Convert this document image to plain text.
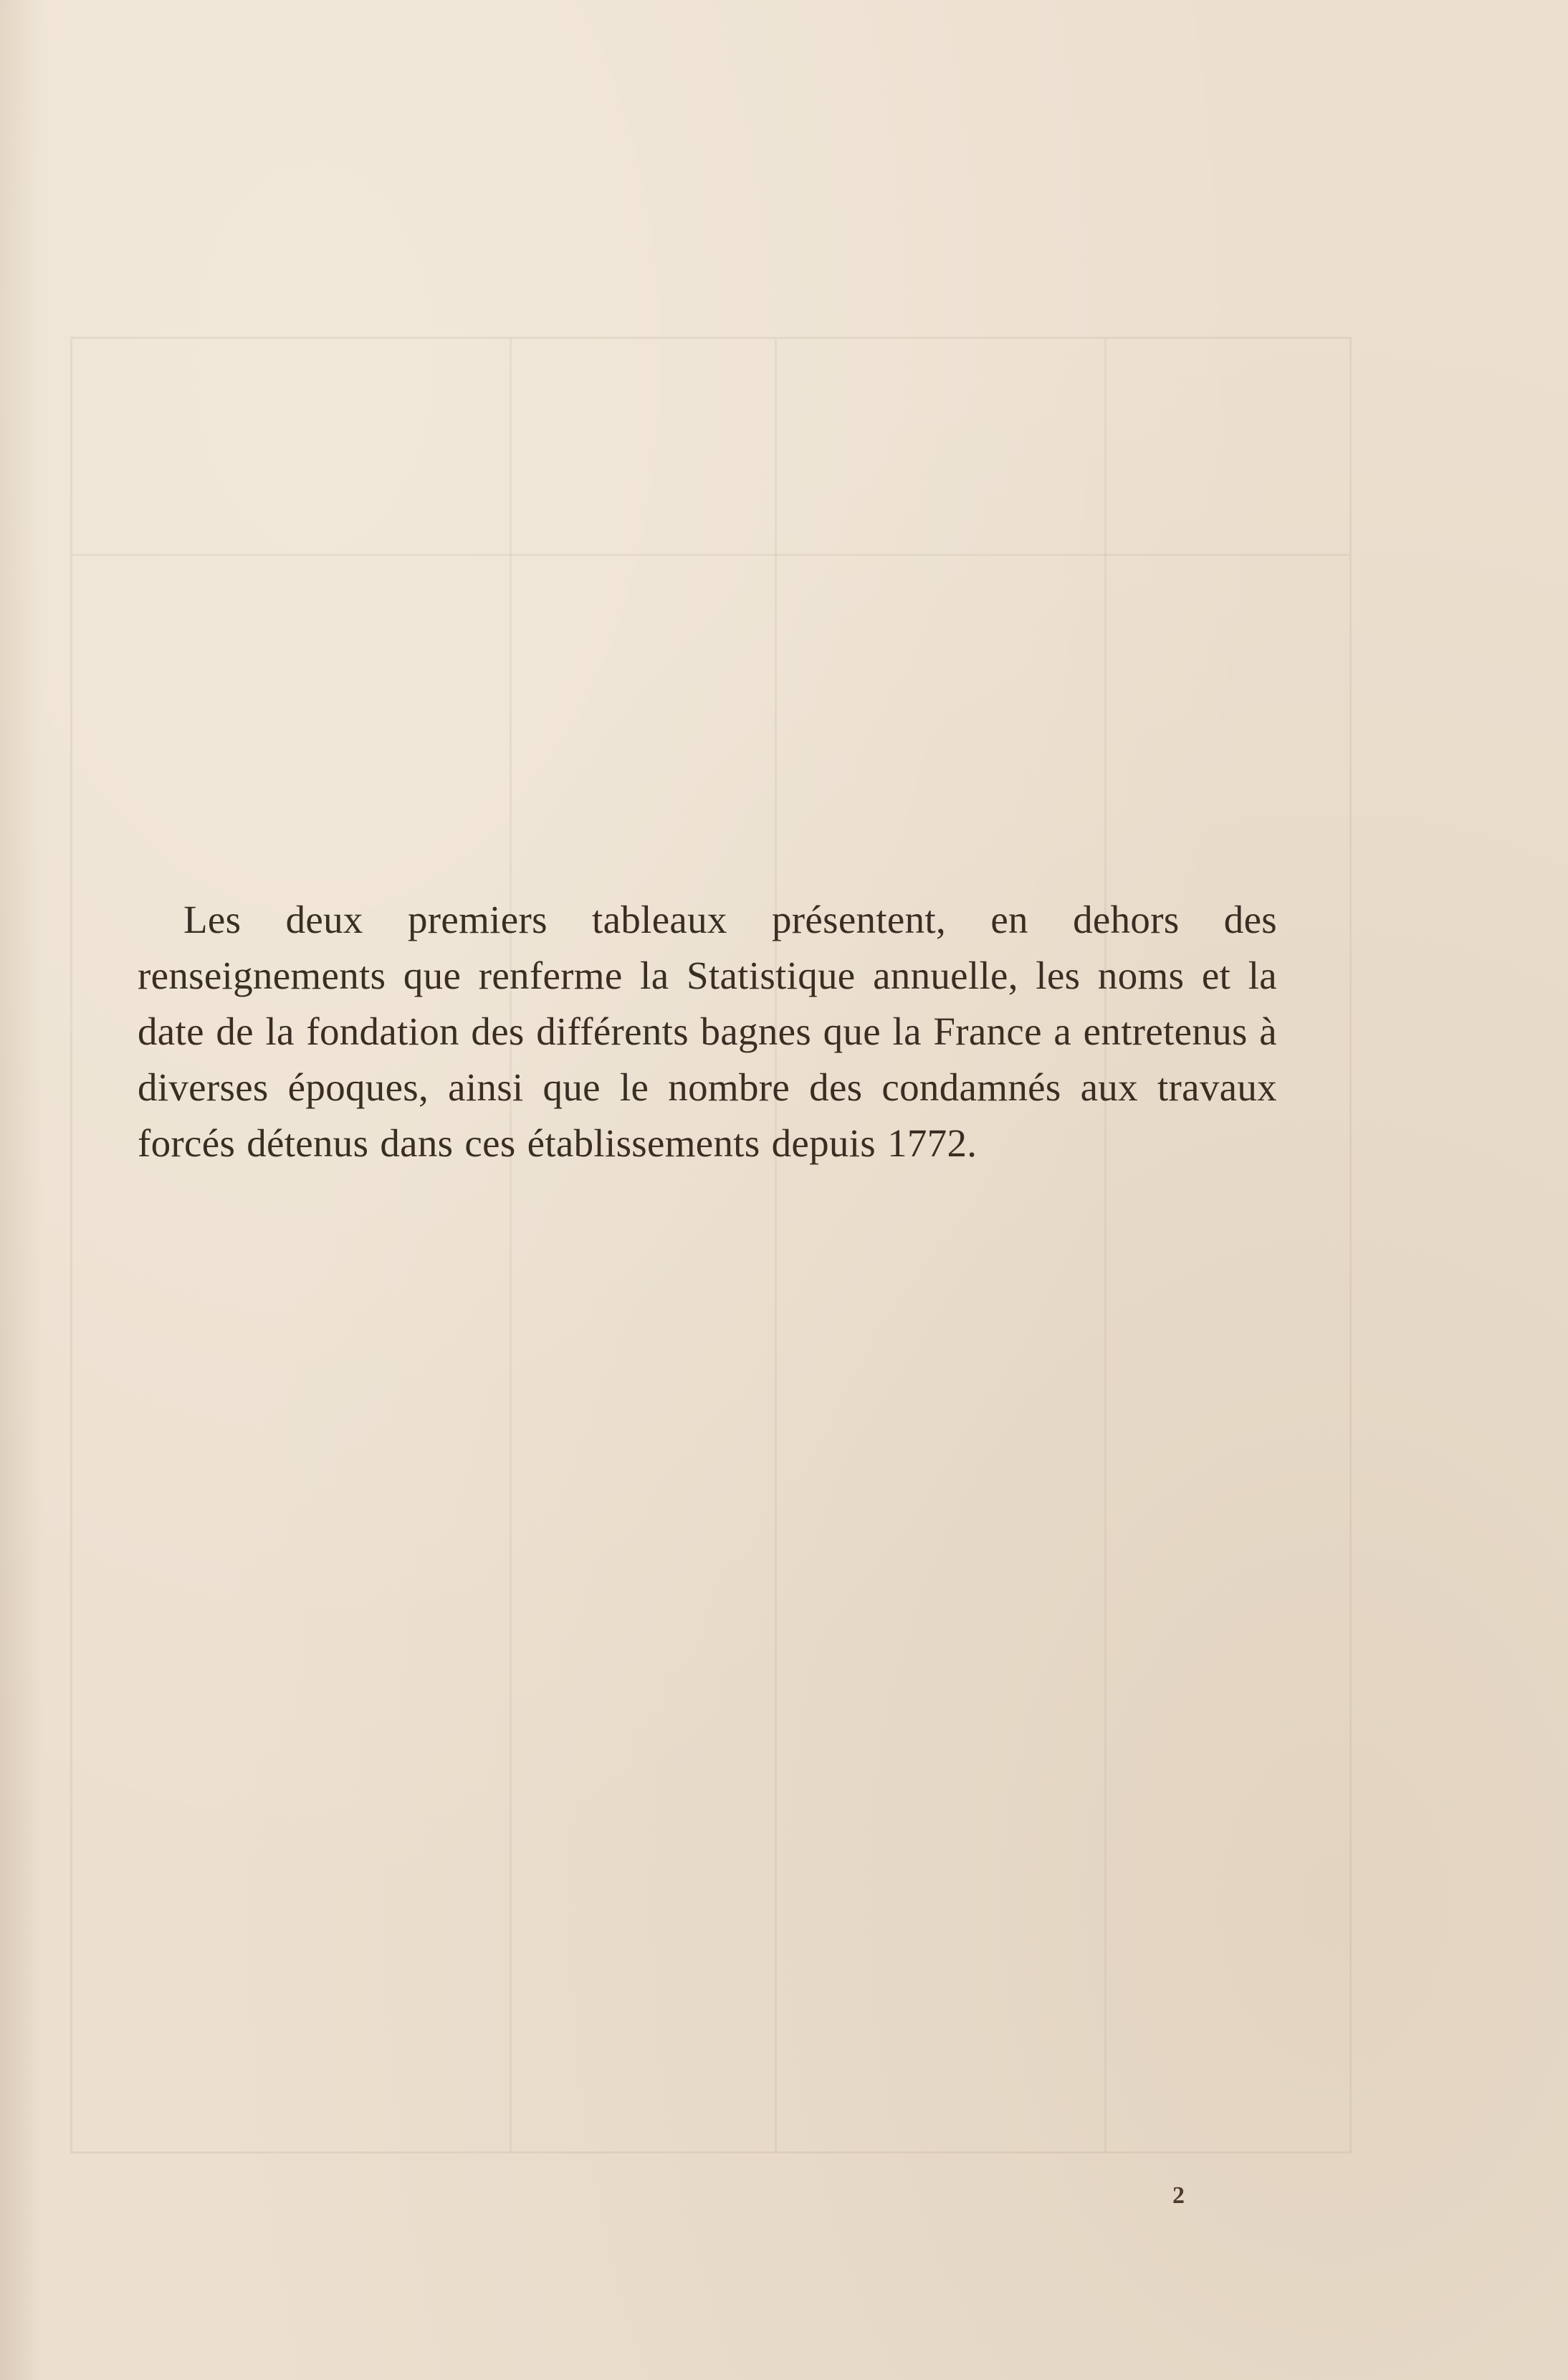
Les deux premiers tableaux présentent, en dehors des renseignements que renferme la Statistique annuelle, les noms et la date de la fondation des différents bagnes que la France a entretenus à diverses époques, ainsi que le nombre des condamnés aux travaux forcés détenus dans ces établissements depuis 1772.

2
